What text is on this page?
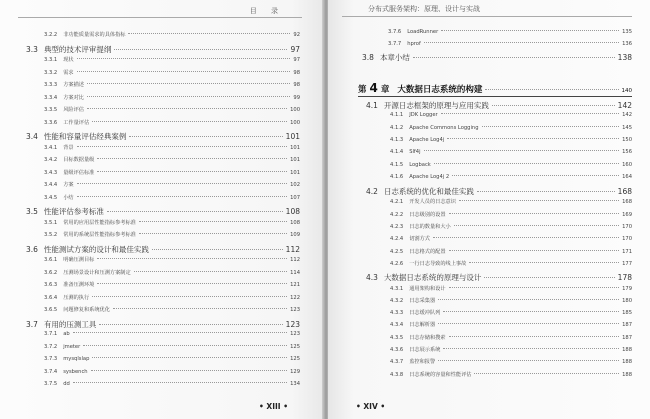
目 录
3.2.2 非功能质量需求的具体指标	92
3.3 典型的技术评审提纲	97
3.3.1 现状	97
3.3.2 需求	98
3.3.3 方案描述	98
3.3.4 方案对比	99
3.3.5 风险评估	100
3.3.6 工作量评估	100
3.4 性能和容量评估经典案例	101
3.4.1 背景	101
3.4.2 目标数据量级	101
3.4.3 量级评估标准	101
3.4.4 方案	102
3.4.5 小结	107
3.5 性能评估参考标准	108
3.5.1 常用的应用层性能指标参考标准	108
3.5.2 常用的系统层性能指标参考标准	109
3.6 性能测试方案的设计和最佳实践	112
3.6.1 明确压测目标	112
3.6.2 压测场景设计和压测方案制定	114
3.6.3 准备压测环境	121
3.6.4 压测的执行	122
3.6.5 问题修复和系统优化	123
3.7 有用的压测工具	123
3.7.1 ab	123
3.7.2 jmeter	125
3.7.3 mysqlslap	125
3.7.4 sysbench	129
3.7.5 dd	134
• XIII •
分布式服务架构：原理、设计与实战
3.7.6 LoadRunner	135
3.7.7 hprof	136
3.8 本章小结	138
第 4 章 大数据日志系统的构建	140
4.1 开源日志框架的原理与应用实践	142
4.1.1 JDK Logger	142
4.1.2 Apache Commons Logging	145
4.1.3 Apache Log4j	150
4.1.4 Slf4j	156
4.1.5 Logback	160
4.1.6 Apache Log4j 2	164
4.2 日志系统的优化和最佳实践	168
4.2.1 开发人员的日志意识	168
4.2.2 日志级别的设置	169
4.2.3 日志的数量和大小	170
4.2.4 切割方式	170
4.2.5 日志格式的配置	171
4.2.6 一行日志导致的线上事故	177
4.3 大数据日志系统的原理与设计	178
4.3.1 通用架构和设计	179
4.3.2 日志采集器	180
4.3.3 日志缓冲队列	185
4.3.4 日志解析器	187
4.3.5 日志存储和搜索	187
4.3.6 日志展示系统	188
4.3.7 监控和报警	188
4.3.8 日志系统的容量和性能评估	188
• XIV •
